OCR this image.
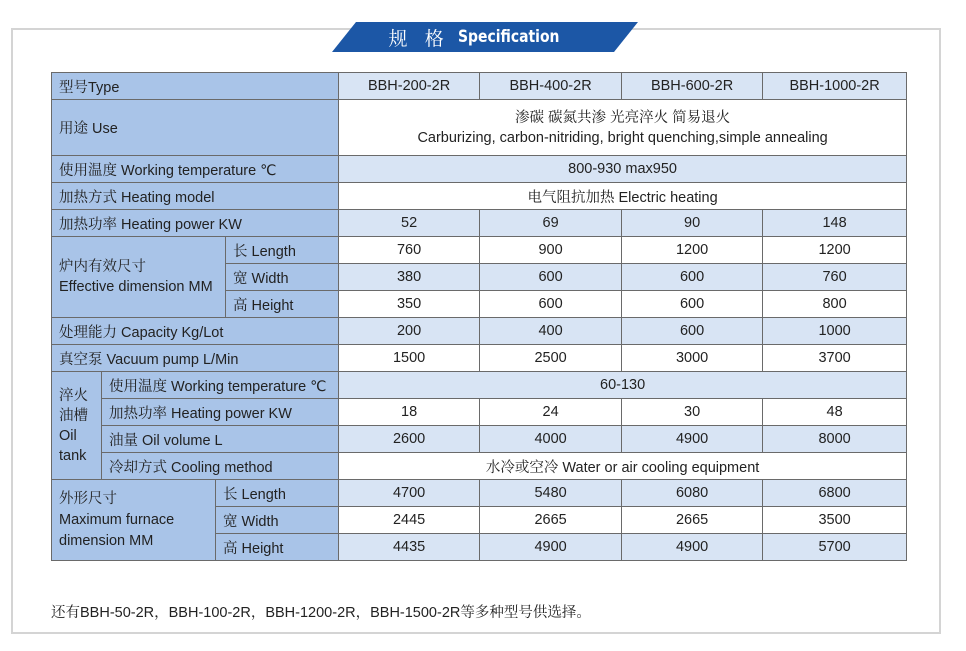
规 格 Specification
型号Type				BBH-200-2R	BBH-400-2R	BBH-600-2R	BBH-1000-2R
用途 Use				渗碳 碳氮共渗 光亮淬火 简易退火
Carburizing, carbon-nitriding, bright quenching,simple annealing			

使用温度 Working temperature ℃				800-930 max950			
加热方式 Heating model				电气阻抗加热 Electric heating			
加热功率 Heating power KW				52	69	90	148

炉内有效尺寸
Effective dimension MM			长 Length	760	900	1200	1200
			宽 Width	380	600	600	760
			高 Height	350	600	600	800
处理能力 Capacity Kg/Lot				200	400	600	1000
真空泵 Vacuum pump L/Min				1500	2500	3000	3700

淬火
油槽
Oil
tank	使用温度 Working temperature ℃			60-130			
	加热功率 Heating power KW			18	24	30	48
	油量 Oil volume L			2600	4000	4900	8000
	冷却方式 Cooling method			水冷或空冷 Water or air cooling equipment			

外形尺寸
Maximum furnace
dimension MM		长 Length		4700	5480	6080	6800
		宽 Width		2445	2665	2665	3500
		高 Height		4435	4900	4900	5700
还有BBH-50-2R，BBH-100-2R，BBH-1200-2R，BBH-1500-2R等多种型号供选择。
